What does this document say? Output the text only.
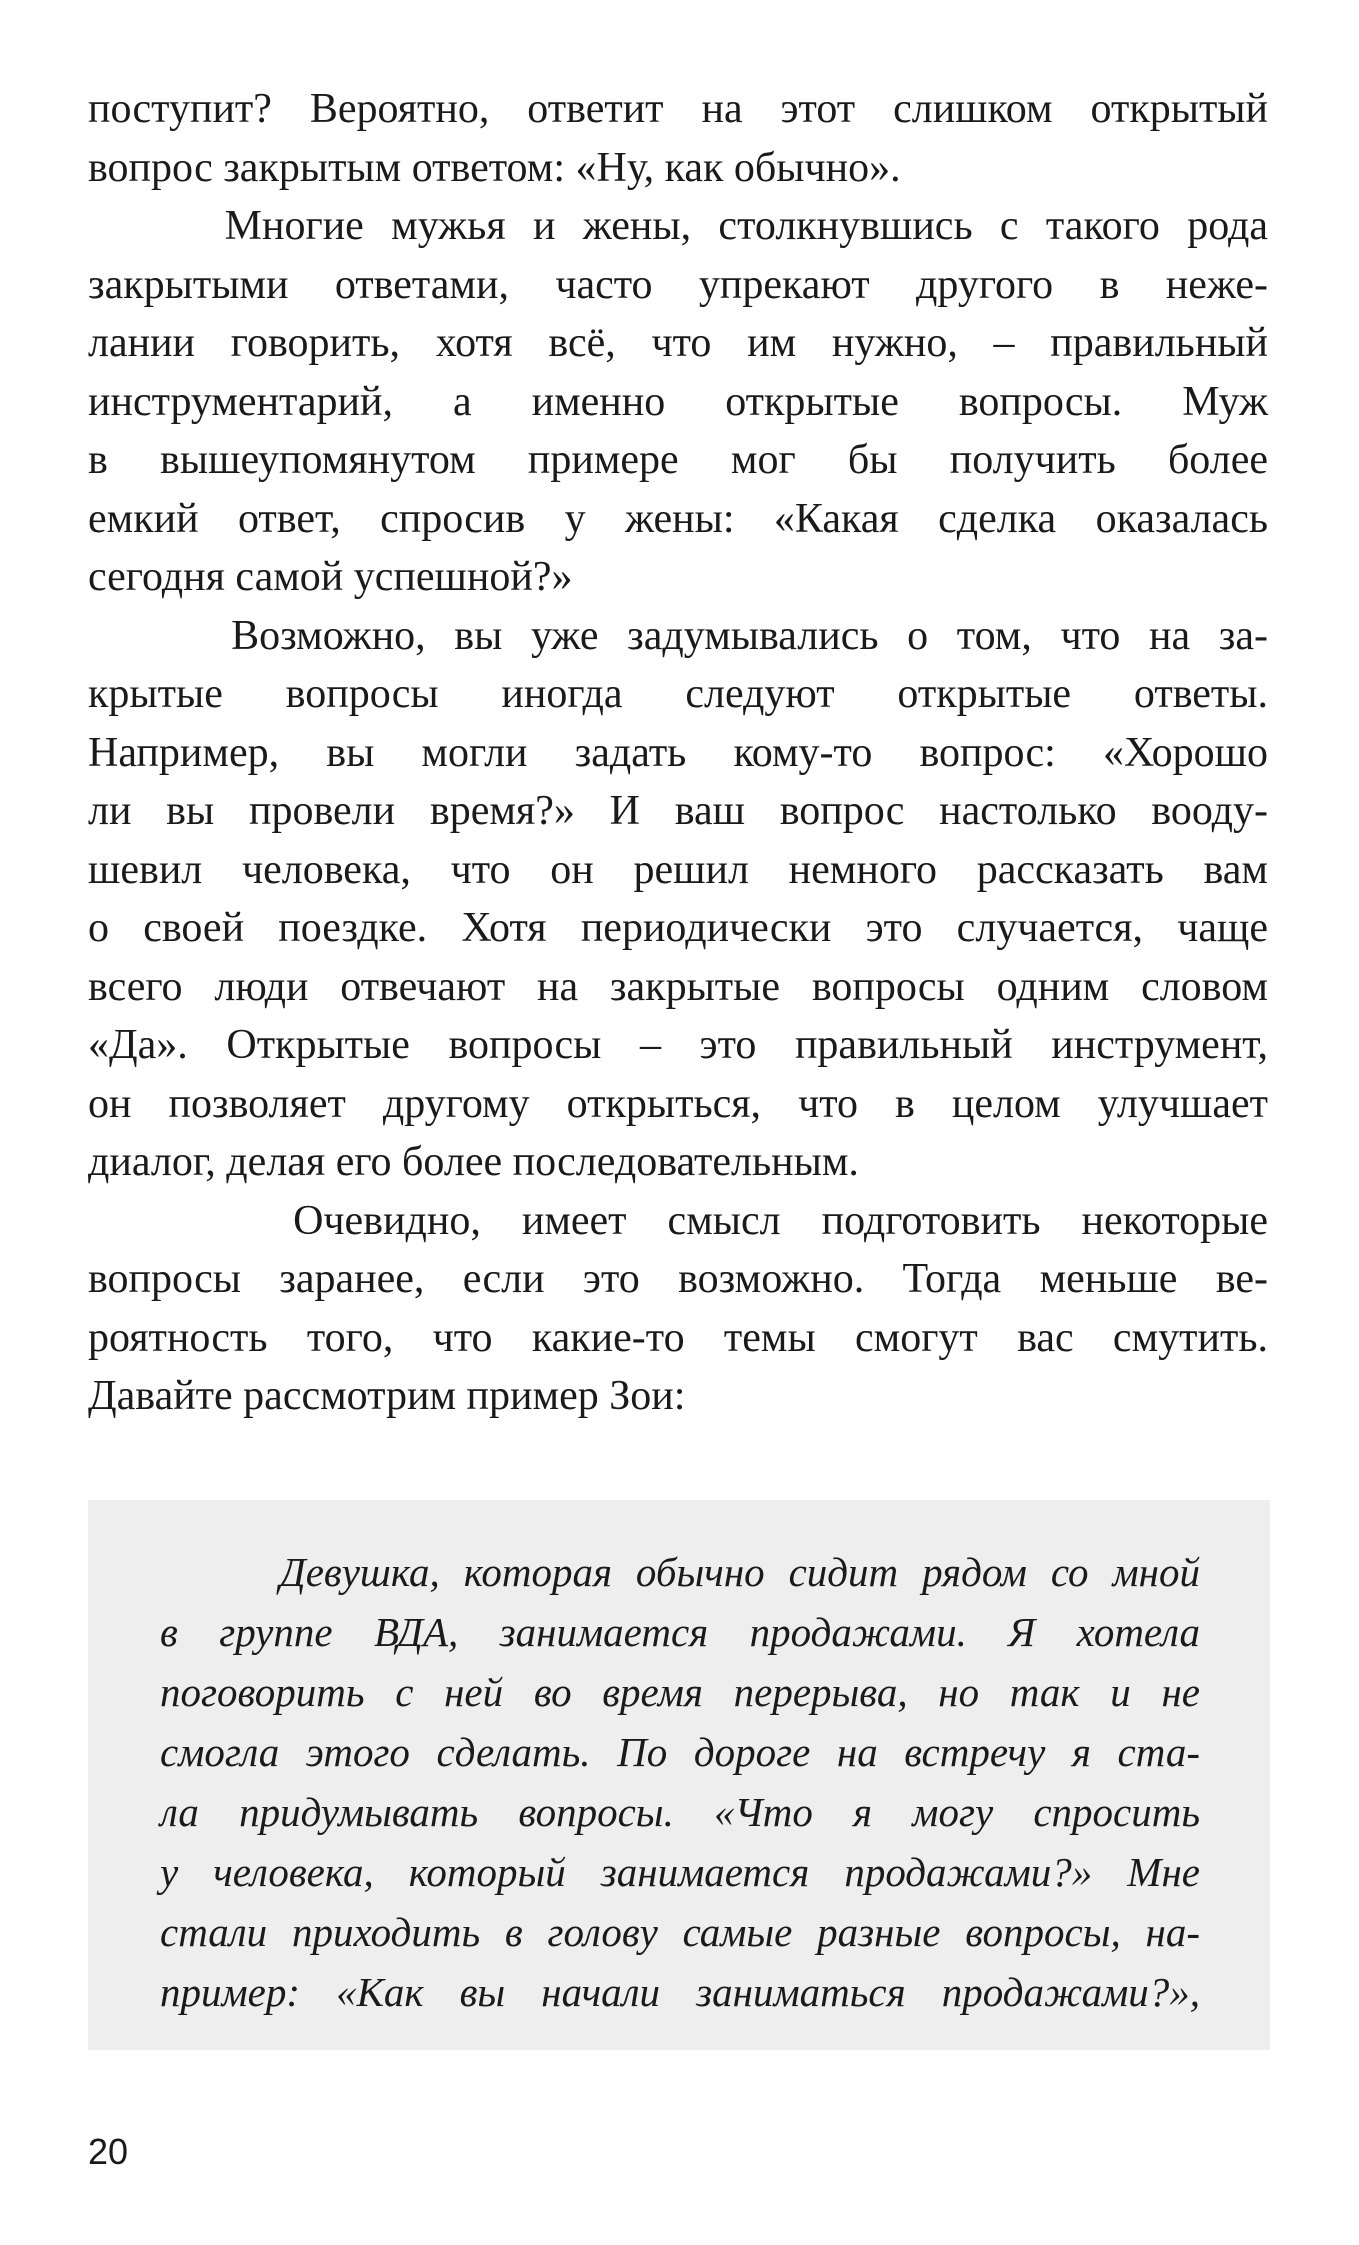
поступит? Вероятно, ответит на этот слишком открытый
вопрос закрытым ответом: «Ну, как обычно».
Многие мужья и жены, столкнувшись с такого рода
закрытыми ответами, часто упрекают другого в неже-
лании говорить, хотя всё, что им нужно, – правильный
инструментарий, а именно открытые вопросы. Муж
в вышеупомянутом примере мог бы получить более
емкий ответ, спросив у жены: «Какая сделка оказалась
сегодня самой успешной?»
Возможно, вы уже задумывались о том, что на за-
крытые вопросы иногда следуют открытые ответы.
Например, вы могли задать кому-то вопрос: «Хорошо
ли вы провели время?» И ваш вопрос настолько вооду-
шевил человека, что он решил немного рассказать вам
о своей поездке. Хотя периодически это случается, чаще
всего люди отвечают на закрытые вопросы одним словом
«Да». Открытые вопросы – это правильный инструмент,
он позволяет другому открыться, что в целом улучшает
диалог, делая его более последовательным.
Очевидно, имеет смысл подготовить некоторые
вопросы заранее, если это возможно. Тогда меньше ве-
роятность того, что какие-то темы смогут вас смутить.
Давайте рассмотрим пример Зои:
Девушка, которая обычно сидит рядом со мной
в группе ВДА, занимается продажами. Я хотела
поговорить с ней во время перерыва, но так и не
смогла этого сделать. По дороге на встречу я ста-
ла придумывать вопросы. «Что я могу спросить
у человека, который занимается продажами?» Мне
стали приходить в голову самые разные вопросы, на-
пример: «Как вы начали заниматься продажами?»,
20
